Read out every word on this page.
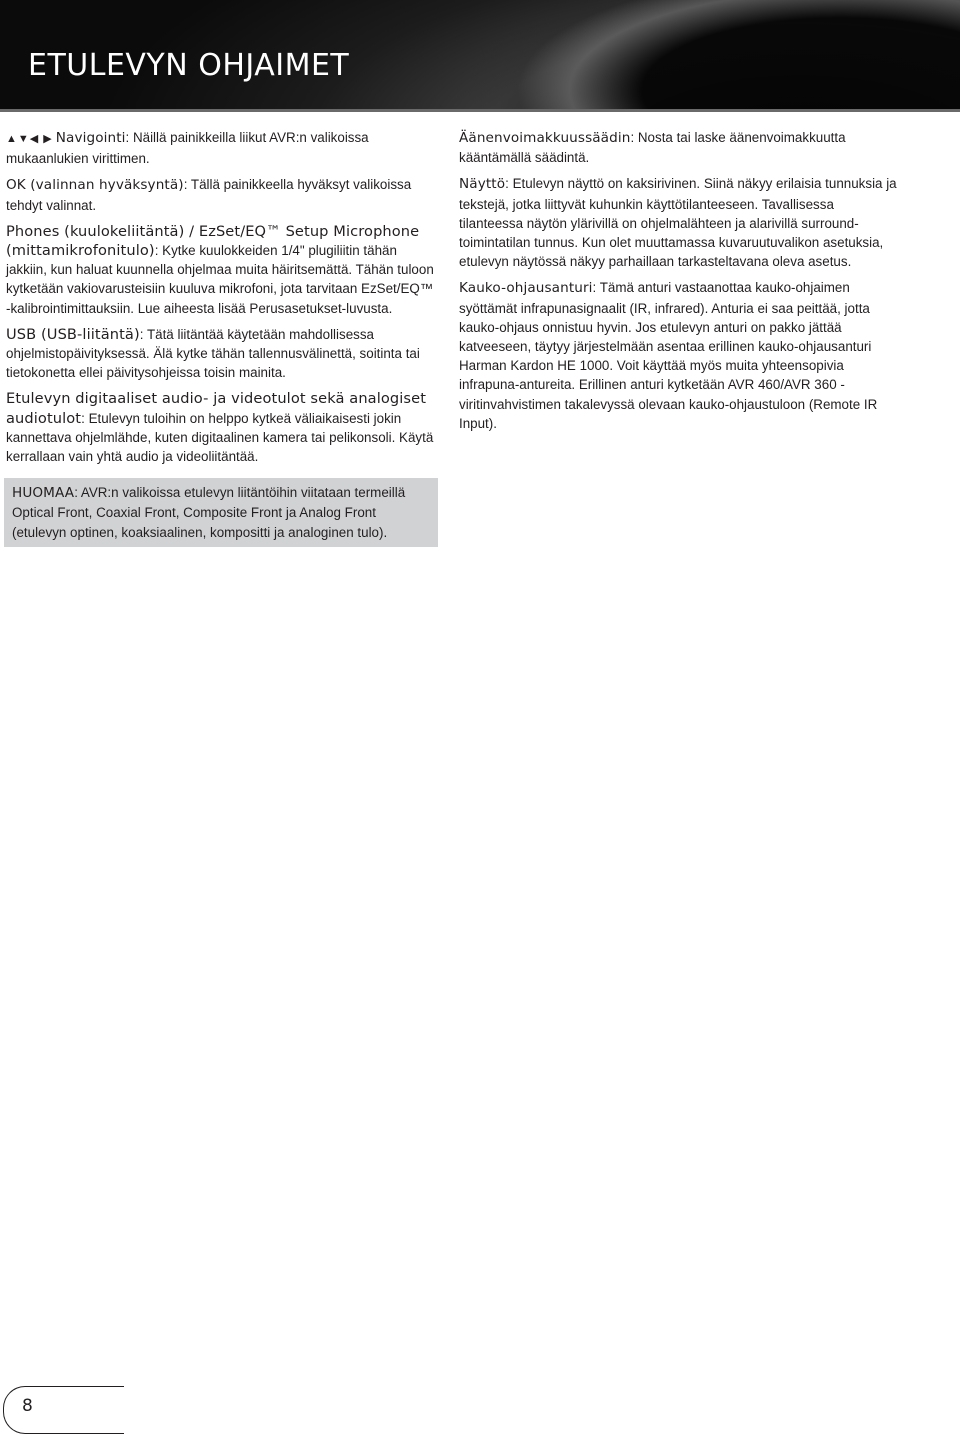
ETULEVYN OHJAIMET

▲▼◀ ▶ Navigointi: Näillä painikkeilla liikut AVR:n valikoissa mukaanlukien virittimen.

OK (valinnan hyväksyntä): Tällä painikkeella hyväksyt valikoissa tehdyt valinnat.

Phones (kuulokeliitäntä) / EzSet/EQ™ Setup Microphone (mittamikrofonitulo): Kytke kuulokkeiden 1/4" plugiliitin tähän jakkiin, kun haluat kuunnella ohjelmaa muita häiritsemättä. Tähän tuloon kytketään vakiovarusteisiin kuuluva mikrofoni, jota tarvitaan EzSet/EQ™ -kalibrointimittauksiin. Lue aiheesta lisää Perusasetukset-luvusta.

USB (USB-liitäntä): Tätä liitäntää käytetään mahdollisessa ohjelmistopäivityksessä. Älä kytke tähän tallennusvälinettä, soitinta tai tietokonetta ellei päivitysohjeissa toisin mainita.

Etulevyn digitaaliset audio- ja videotulot sekä analogiset audiotulot: Etulevyn tuloihin on helppo kytkeä väliaikaisesti jokin kannettava ohjelmlähde, kuten digitaalinen kamera tai pelikonsoli. Käytä kerrallaan vain yhtä audio ja videoliitäntää.

Äänenvoimakkuussäädin: Nosta tai laske äänenvoimakkuutta kääntämällä säädintä.

Näyttö: Etulevyn näyttö on kaksirivinen. Siinä näkyy erilaisia tunnuksia ja tekstejä, jotka liittyvät kuhunkin käyttötilanteeseen. Tavallisessa tilanteessa näytön ylärivillä on ohjelmalähteen ja alarivillä surround-toimintatilan tunnus. Kun olet muuttamassa kuvaruutuvalikon asetuksia, etulevyn näytössä näkyy parhaillaan tarkasteltavana oleva asetus.

Kauko-ohjausanturi: Tämä anturi vastaanottaa kauko-ohjaimen syöttämät infrapunasignaalit (IR, infrared). Anturia ei saa peittää, jotta kauko-ohjaus onnistuu hyvin. Jos etulevyn anturi on pakko jättää katveeseen, täytyy järjestelmään asentaa erillinen kauko-ohjausanturi Harman Kardon HE 1000. Voit käyttää myös muita yhteensopivia infrapuna-antureita. Erillinen anturi kytketään AVR 460/AVR 360 -viritinvahvistimen takalevyssä olevaan kauko-ohjaustuloon (Remote IR Input).

HUOMAA: AVR:n valikoissa etulevyn liitäntöihin viitataan termeillä Optical Front, Coaxial Front, Composite Front ja Analog Front (etulevyn optinen, koaksiaalinen, kompositti ja analoginen tulo).
8
